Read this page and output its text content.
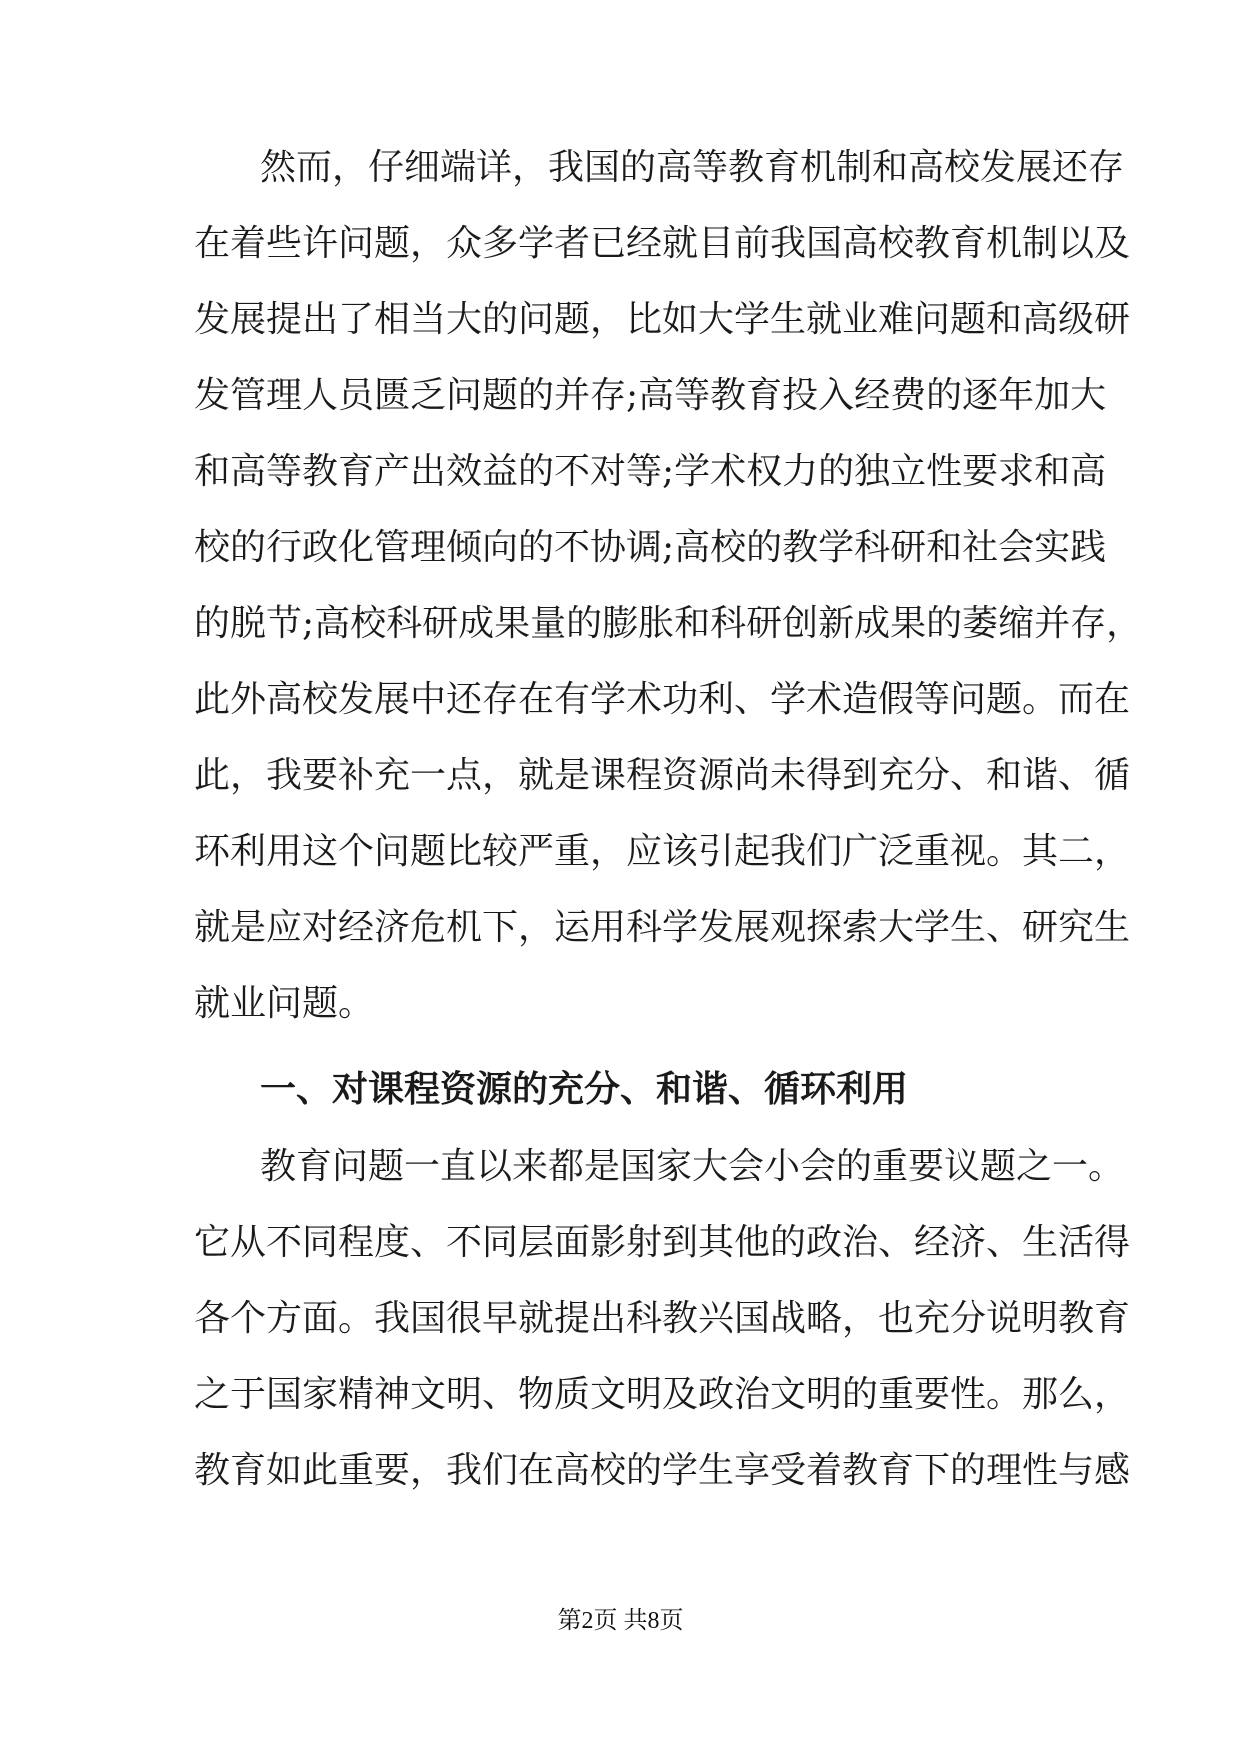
然而，仔细端详，我国的高等教育机制和高校发展还存
在着些许问题，众多学者已经就目前我国高校教育机制以及
发展提出了相当大的问题，比如大学生就业难问题和高级研
发管理人员匮乏问题的并存;高等教育投入经费的逐年加大
和高等教育产出效益的不对等;学术权力的独立性要求和高
校的行政化管理倾向的不协调;高校的教学科研和社会实践
的脱节;高校科研成果量的膨胀和科研创新成果的萎缩并存，
此外高校发展中还存在有学术功利、学术造假等问题。而在
此，我要补充一点，就是课程资源尚未得到充分、和谐、循
环利用这个问题比较严重，应该引起我们广泛重视。其二，
就是应对经济危机下，运用科学发展观探索大学生、研究生
就业问题。
一、对课程资源的充分、和谐、循环利用
教育问题一直以来都是国家大会小会的重要议题之一。
它从不同程度、不同层面影射到其他的政治、经济、生活得
各个方面。我国很早就提出科教兴国战略，也充分说明教育
之于国家精神文明、物质文明及政治文明的重要性。那么，
教育如此重要，我们在高校的学生享受着教育下的理性与感
第2页 共8页
